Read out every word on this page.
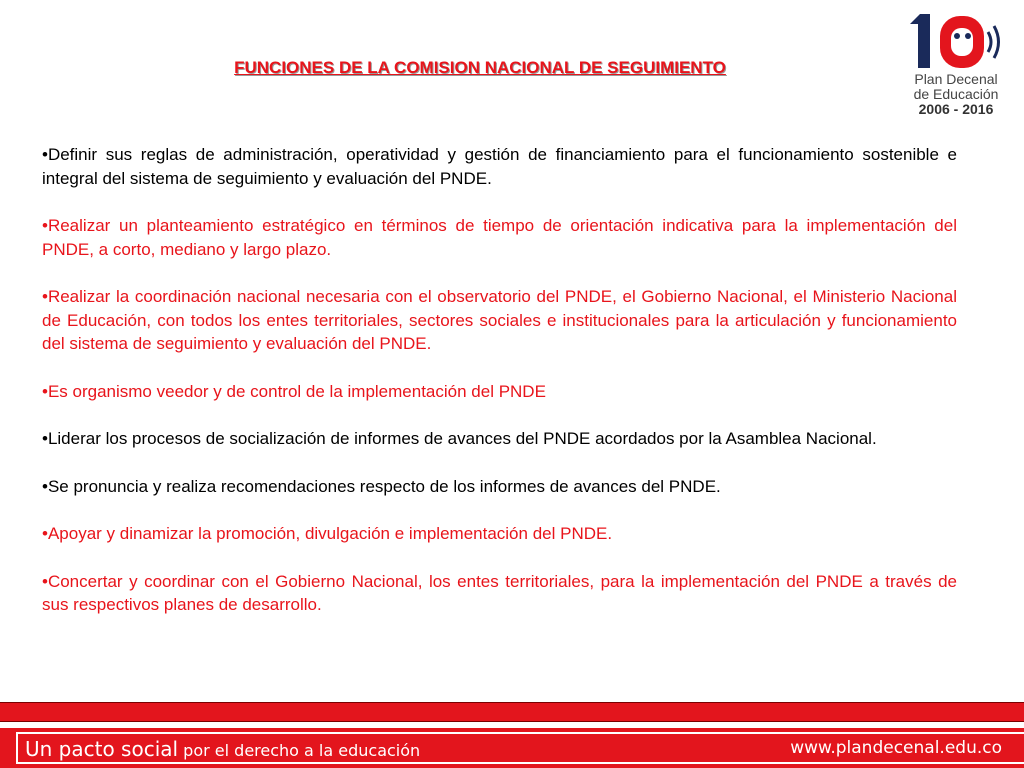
FUNCIONES DE LA COMISION NACIONAL DE SEGUIMIENTO
Plan Decenal
de Educación
2006 - 2016

•Definir sus reglas de administración, operatividad y gestión de financiamiento para el funcionamiento sostenible e integral del sistema de seguimiento y evaluación del PNDE.

•Realizar un planteamiento estratégico en términos de tiempo de orientación indicativa para la implementación del PNDE, a corto, mediano y largo plazo.

•Realizar la coordinación nacional necesaria con el observatorio del PNDE, el Gobierno Nacional, el Ministerio Nacional de Educación, con todos los entes territoriales, sectores sociales e institucionales para la articulación y funcionamiento del sistema de seguimiento y evaluación del PNDE.

•Es organismo veedor y de control de la implementación del PNDE

•Liderar los procesos de socialización de informes de avances del PNDE acordados por la Asamblea Nacional.

•Se pronuncia y realiza recomendaciones respecto de los informes de avances del PNDE.

•Apoyar y dinamizar la promoción, divulgación e implementación del PNDE.

•Concertar y coordinar con el Gobierno Nacional, los entes territoriales, para la implementación del PNDE a través de sus respectivos planes de desarrollo.

Un pacto social por el derecho a la educación	www.plandecenal.edu.co
